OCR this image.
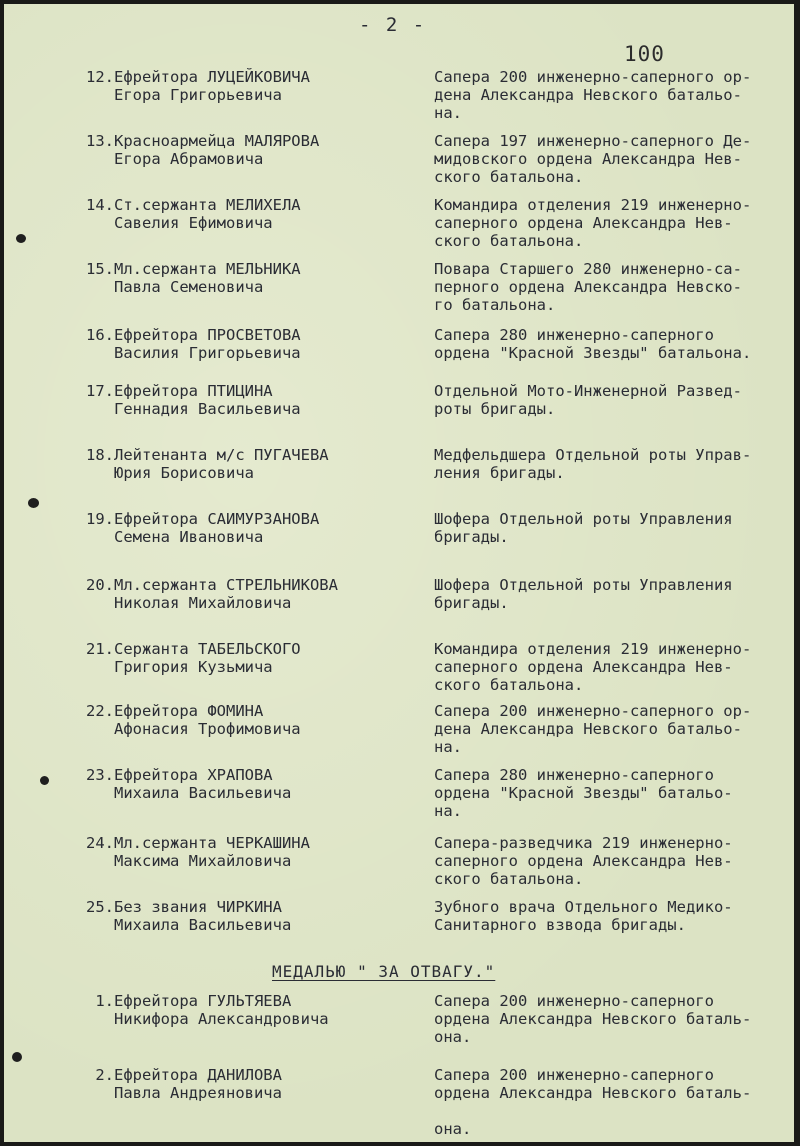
- 2 -
100
12. Ефрейтора ЛУЦЕЙКОВИЧА
Егора Григорьевича
Сапера 200 инженерно-саперного ор-
дена Александра Невского батальо-
на.
13. Красноармейца МАЛЯРОВА
Егора Абрамовича
Сапера 197 инженерно-саперного Де-
мидовского ордена Александра Нев-
ского батальона.
14. Ст.сержанта МЕЛИХЕЛА
Савелия Ефимовича
Командира отделения 219 инженерно-
саперного ордена Александра Нев-
ского батальона.
15. Мл.сержанта МЕЛЬНИКА
Павла Семеновича
Повара Старшего 280 инженерно-са-
перного ордена Александра Невско-
го батальона.
16. Ефрейтора ПРОСВЕТОВА
Василия Григорьевича
Сапера 280 инженерно-саперного
ордена "Красной Звезды" батальона.
17. Ефрейтора ПТИЦИНА
Геннадия Васильевича
Отдельной Мото-Инженерной Развед-
роты бригады.
18. Лейтенанта м/с ПУГАЧЕВА
Юрия Борисовича
Медфельдшера Отдельной роты Управ-
ления бригады.
19. Ефрейтора САИМУРЗАНОВА
Семена Ивановича
Шофера Отдельной роты Управления
бригады.
20. Мл.сержанта СТРЕЛЬНИКОВА
Николая Михайловича
Шофера Отдельной роты Управления
бригады.
21. Сержанта ТАБЕЛЬСКОГО
Григория Кузьмича
Командира отделения 219 инженерно-
саперного ордена Александра Нев-
ского батальона.
22. Ефрейтора ФОМИНА
Афонасия Трофимовича
Сапера 200 инженерно-саперного ор-
дена Александра Невского батальо-
на.
23. Ефрейтора ХРАПОВА
Михаила Васильевича
Сапера 280 инженерно-саперного
ордена "Красной Звезды" батальо-
на.
24. Мл.сержанта ЧЕРКАШИНА
Максима Михайловича
Сапера-разведчика 219 инженерно-
саперного ордена Александра Нев-
ского батальона.
25. Без звания ЧИРКИНА
Михаила Васильевича
Зубного врача Отдельного Медико-
Санитарного взвода бригады.
МЕДАЛЬЮ " ЗА ОТВАГУ."
1. Ефрейтора ГУЛЬТЯЕВА
Никифора Александровича
Сапера 200 инженерно-саперного
ордена Александра Невского баталь-
она.
2. Ефрейтора ДАНИЛОВА
Павла Андреяновича
Сапера 200 инженерно-саперного
ордена Александра Невского баталь-

она.
